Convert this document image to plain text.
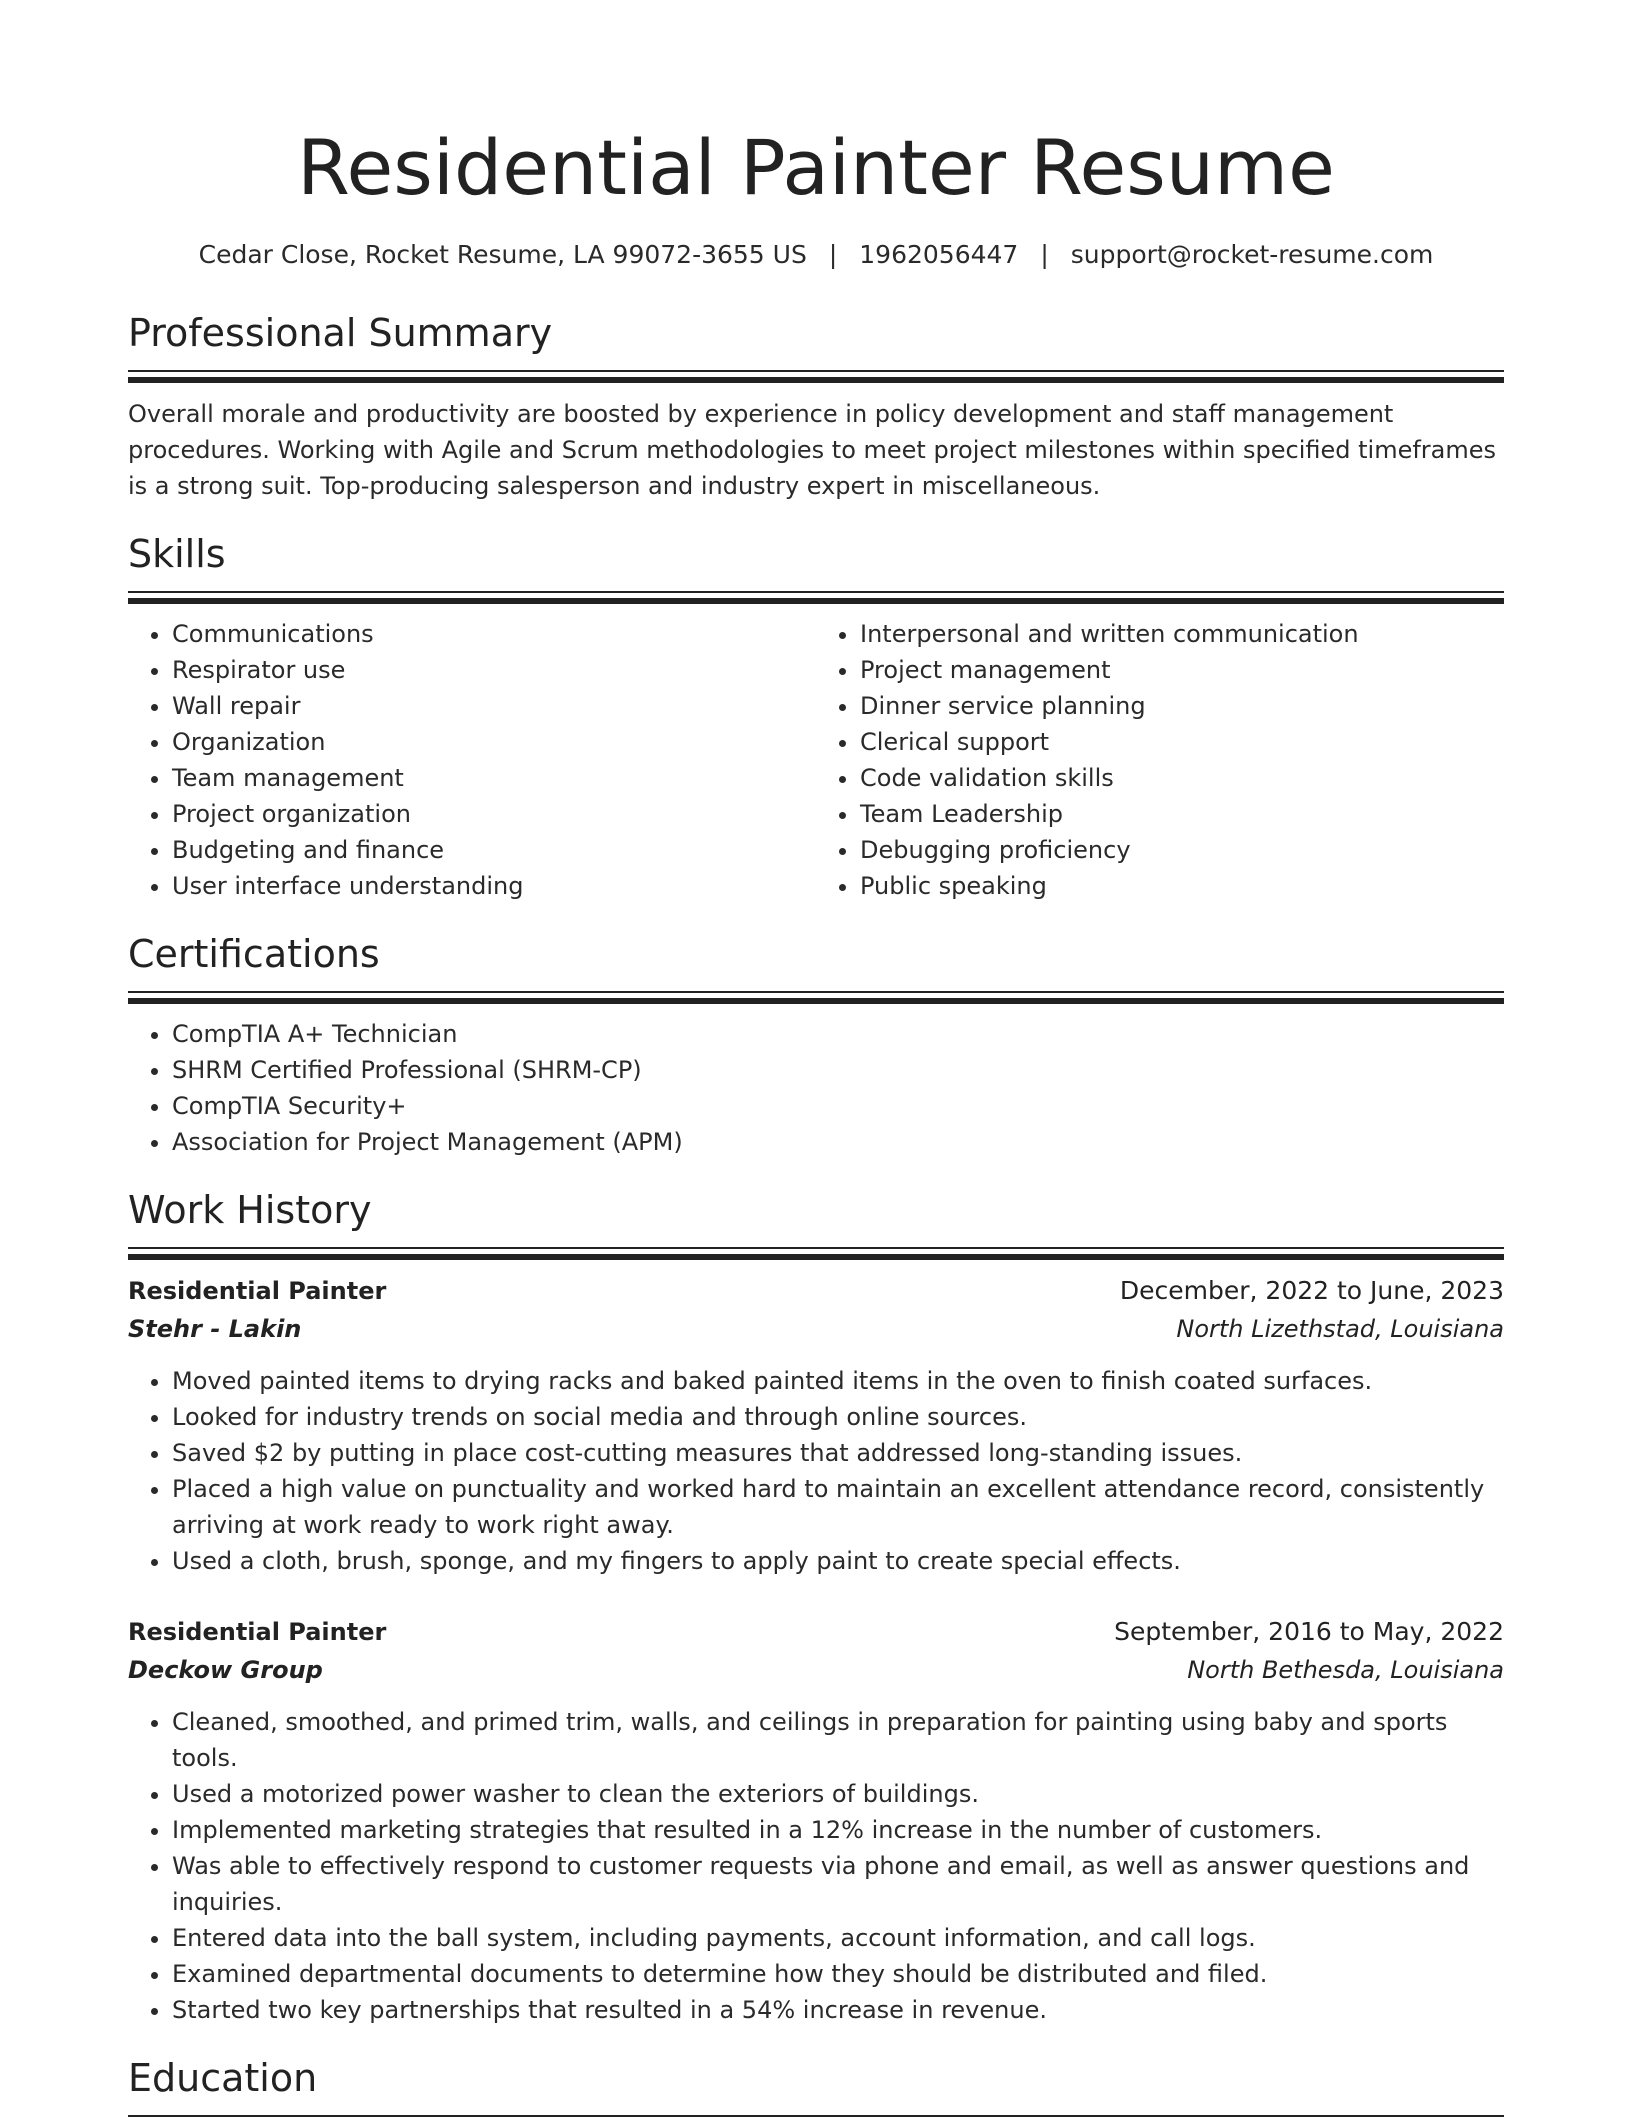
Residential Painter Resume
Cedar Close, Rocket Resume, LA 99072-3655 US | 1962056447 | support@rocket-resume.com
Professional Summary
Overall morale and productivity are boosted by experience in policy development and staff management procedures. Working with Agile and Scrum methodologies to meet project milestones within specified timeframes is a strong suit. Top-producing salesperson and industry expert in miscellaneous.
Skills
• Communications
• Respirator use
• Wall repair
• Organization
• Team management
• Project organization
• Budgeting and finance
• User interface understanding
• Interpersonal and written communication
• Project management
• Dinner service planning
• Clerical support
• Code validation skills
• Team Leadership
• Debugging proficiency
• Public speaking
Certifications
• CompTIA A+ Technician
• SHRM Certified Professional (SHRM-CP)
• CompTIA Security+
• Association for Project Management (APM)
Work History
Residential Painter	December, 2022 to June, 2023
Stehr - Lakin	North Lizethstad, Louisiana
• Moved painted items to drying racks and baked painted items in the oven to finish coated surfaces.
• Looked for industry trends on social media and through online sources.
• Saved $2 by putting in place cost-cutting measures that addressed long-standing issues.
• Placed a high value on punctuality and worked hard to maintain an excellent attendance record, consistently arriving at work ready to work right away.
• Used a cloth, brush, sponge, and my fingers to apply paint to create special effects.
Residential Painter	September, 2016 to May, 2022
Deckow Group	North Bethesda, Louisiana
• Cleaned, smoothed, and primed trim, walls, and ceilings in preparation for painting using baby and sports tools.
• Used a motorized power washer to clean the exteriors of buildings.
• Implemented marketing strategies that resulted in a 12% increase in the number of customers.
• Was able to effectively respond to customer requests via phone and email, as well as answer questions and inquiries.
• Entered data into the ball system, including payments, account information, and call logs.
• Examined departmental documents to determine how they should be distributed and filed.
• Started two key partnerships that resulted in a 54% increase in revenue.
Education
